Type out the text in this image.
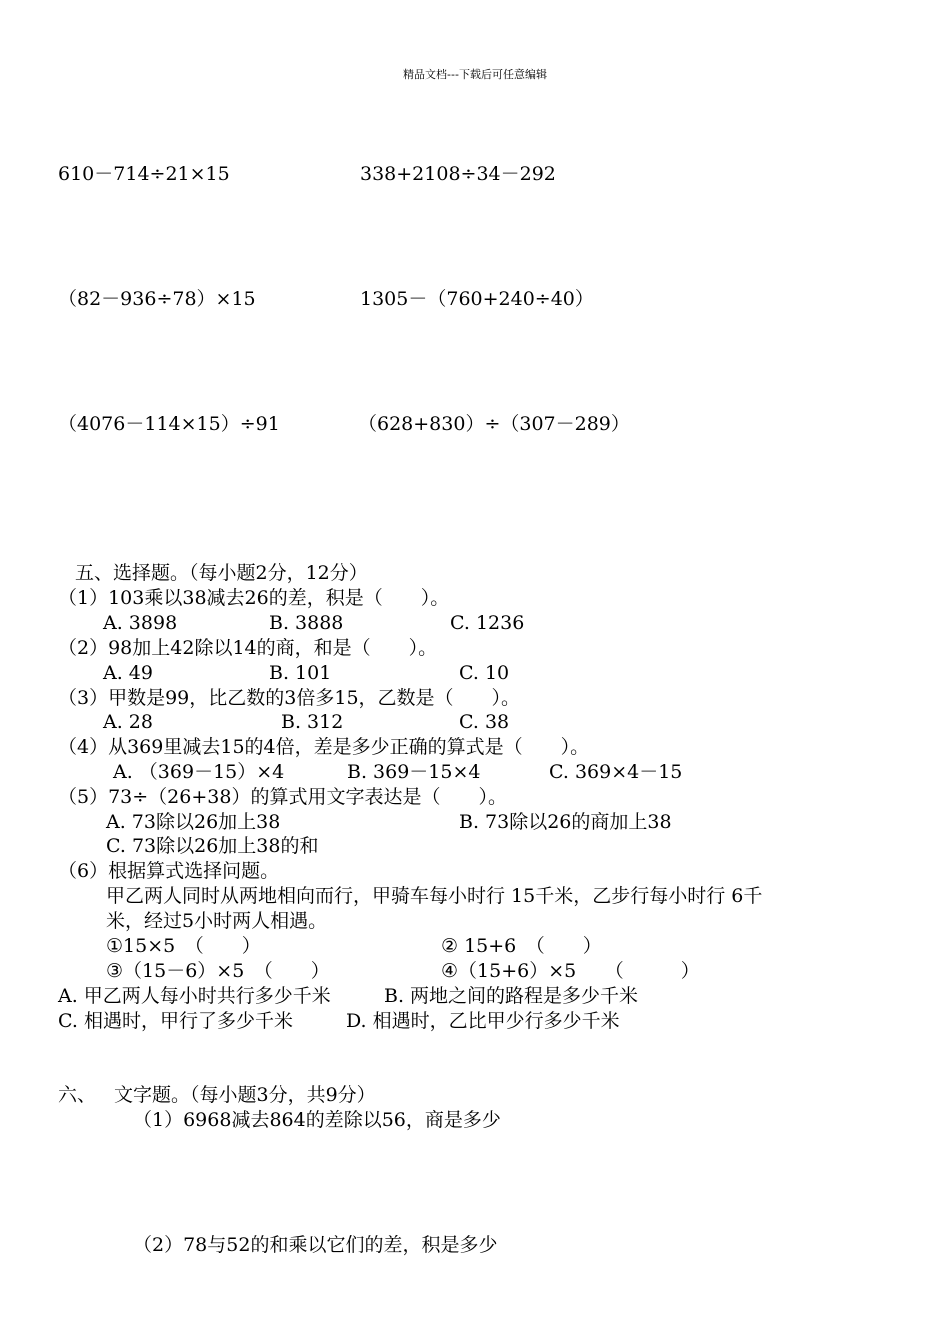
精品文档---下载后可任意编辑
610－714÷21×15	338+2108÷34－292
（82－936÷78）×15	1305－（760+240÷40）
（4076－114×15）÷91	（628+830）÷（307－289）
五、选择题。（每小题2分，12分）
（1）103乘以38减去26的差，积是（　　）。
A. 3898	B. 3888	C. 1236
（2）98加上42除以14的商，和是（　　）。
A. 49	B. 101	C. 10
（3）甲数是99，比乙数的3倍多15，乙数是（　　）。
A. 28	B. 312	C. 38
（4）从369里减去15的4倍，差是多少正确的算式是（　　）。
A. （369－15）×4	B. 369－15×4	C. 369×4－15
（5）73÷（26+38）的算式用文字表达是（　　）。
A. 73除以26加上38	B. 73除以26的商加上38
C. 73除以26加上38的和
（6）根据算式选择问题。
甲乙两人同时从两地相向而行，甲骑车每小时行 15千米，乙步行每小时行 6千
米，经过5小时两人相遇。
①15×5　（　　）	② 15+6　（　　）
③（15－6）×5　（　　）	④（15+6）×5　　（　　　）
A. 甲乙两人每小时共行多少千米	B. 两地之间的路程是多少千米
C. 相遇时，甲行了多少千米	D. 相遇时，乙比甲少行多少千米
六、 文字题。（每小题3分，共9分）
（1）6968减去864的差除以56，商是多少
（2）78与52的和乘以它们的差，积是多少
